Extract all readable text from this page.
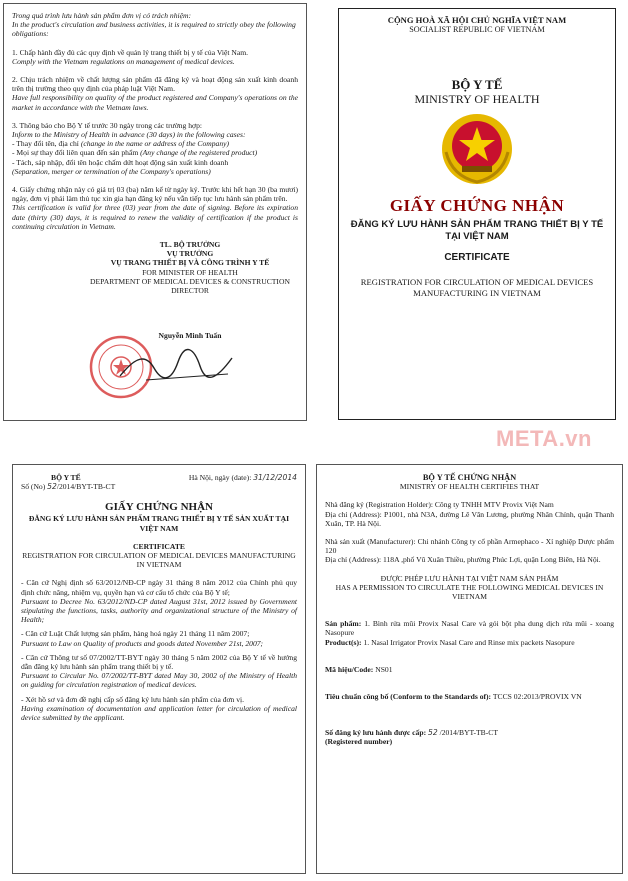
Trong quá trình lưu hành sản phẩm đơn vị có trách nhiệm:

In the product's circulation and business activities, it is required to strictly obey the following obligations:

1. Chấp hành đầy đủ các quy định về quản lý trang thiết bị y tế của Việt Nam.

Comply with the Vietnam regulations on management of medical devices.

2. Chịu trách nhiệm về chất lượng sản phẩm đã đăng ký và hoạt động sản xuất kinh doanh trên thị trường theo quy định của pháp luật Việt Nam.

Have full responsibility on quality of the product registered and Company's operations on the market in accordance with the Vietnam laws.

3. Thông báo cho Bộ Y tế trước 30 ngày trong các trường hợp:

Inform to the Ministry of Health in advance (30 days) in the following cases:

- Thay đổi tên, địa chỉ (change in the name or address of the Company)

- Mọi sự thay đổi liên quan đến sản phẩm (Any change of the registered product)

- Tách, sáp nhập, đổi tên hoặc chấm dứt hoạt động sản xuất kinh doanh

(Separation, merger or termination of the Company's operations)

4. Giấy chứng nhận này có giá trị 03 (ba) năm kể từ ngày ký. Trước khi hết hạn 30 (ba mươi) ngày, đơn vị phải làm thủ tục xin gia hạn đăng ký nếu vẫn tiếp tục lưu hành sản phẩm trên.

This certification is valid for three (03) year from the date of signing. Before its expiration date (thirty (30) days, it is required to renew the validity of certification if the product is continuing circulation in Vietnam.

TL. BỘ TRƯỞNG

VỤ TRƯỞNG

VỤ TRANG THIẾT BỊ VÀ CÔNG TRÌNH Y TẾ

FOR MINISTER OF HEALTH

DEPARTMENT OF MEDICAL DEVICES & CONSTRUCTION

DIRECTOR

Nguyễn Minh Tuấn

CỘNG HOÀ XÃ HỘI CHỦ NGHĨA VIỆT NAM

SOCIALIST REPUBLIC OF VIETNAM

BỘ Y TẾ

MINISTRY OF HEALTH

GIẤY CHỨNG NHẬN

ĐĂNG KÝ LƯU HÀNH SẢN PHẨM TRANG THIẾT BỊ Y TẾ TẠI VIỆT NAM

CERTIFICATE

REGISTRATION FOR CIRCULATION OF MEDICAL DEVICES MANUFACTURING IN VIETNAM

META.vn

BỘ Y TẾ	Hà Nội, ngày (date): 31/12/2014

Số (No) 52/2014/BYT-TB-CT

GIẤY CHỨNG NHẬN

ĐĂNG KÝ LƯU HÀNH SẢN PHẨM TRANG THIẾT BỊ Y TẾ SẢN XUẤT TẠI VIỆT NAM

CERTIFICATE

REGISTRATION FOR CIRCULATION OF MEDICAL DEVICES MANUFACTURING IN VIETNAM

- Căn cứ Nghị định số 63/2012/NĐ-CP ngày 31 tháng 8 năm 2012 của Chính phủ quy định chức năng, nhiệm vụ, quyền hạn và cơ cấu tổ chức của Bộ Y tế;

Pursuant to Decree No. 63/2012/ND-CP dated August 31st, 2012 issued by Government stipulating the functions, tasks, authority and organizational structure of the Ministry of Health;

- Căn cứ Luật Chất lượng sản phẩm, hàng hoá ngày 21 tháng 11 năm 2007;

Pursuant to Law on Quality of products and goods dated November 21st, 2007;

- Căn cứ Thông tư số 07/2002/TT-BYT ngày 30 tháng 5 năm 2002 của Bộ Y tế về hướng dẫn đăng ký lưu hành sản phẩm trang thiết bị y tế.

Pursuant to Circular No. 07/2002/TT-BYT dated May 30, 2002 of the Ministry of Health on guiding for circulation registration of medical devices.

- Xét hồ sơ và đơn đề nghị cấp số đăng ký lưu hành sản phẩm của đơn vị.

Having examination of documentation and application letter for circulation of medical device submitted by the applicant.

BỘ Y TẾ CHỨNG NHẬN

MINISTRY OF HEALTH CERTIFIES THAT

Nhà đăng ký (Registration Holder): Công ty TNHH MTV Provix Việt Nam

Địa chỉ (Address): P1001, nhà N3A, đường Lê Văn Lương, phường Nhân Chính, quận Thanh Xuân, TP. Hà Nội.

Nhà sản xuất (Manufacturer): Chi nhánh Công ty cổ phần Armephaco - Xí nghiệp Dược phẩm 120

Địa chỉ (Address): 118A ,phố Vũ Xuân Thiều, phường Phúc Lợi, quận Long Biên, Hà Nội.

ĐƯỢC PHÉP LƯU HÀNH TẠI VIỆT NAM SẢN PHẨM

HAS A PERMISSION TO CIRCULATE THE FOLLOWING MEDICAL DEVICES IN VIETNAM

Sản phẩm: 1. Bình rửa mũi Provix Nasal Care và gói bột pha dung dịch rửa mũi - xoang Nasopure

Product(s): 1. Nasal Irrigator Provix Nasal Care and Rinse mix packets Nasopure

Mã hiệu/Code: NS01

Tiêu chuẩn công bố (Conform to the Standards of): TCCS 02:2013/PROVIX VN

Số đăng ký lưu hành được cấp: 52 /2014/BYT-TB-CT

(Registered number)
